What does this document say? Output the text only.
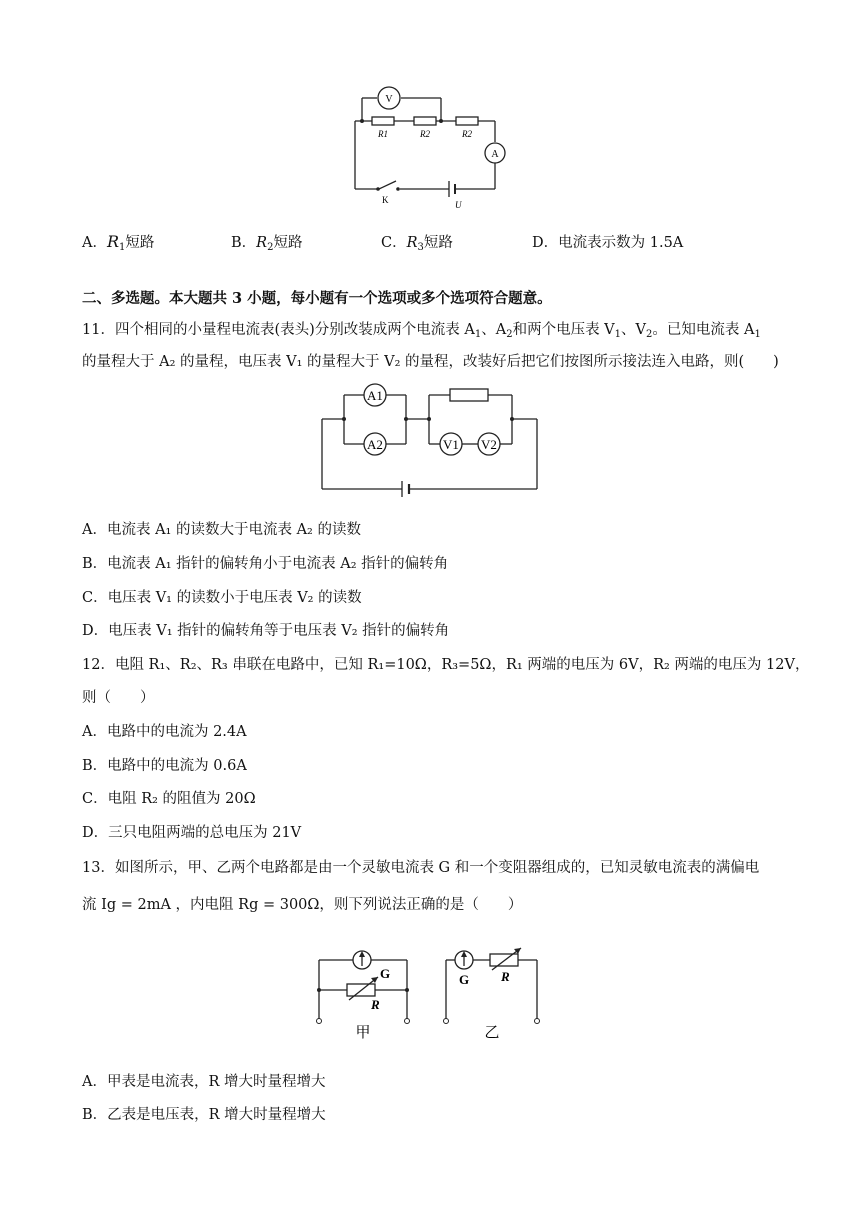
V
A
R1	R2	R2
K	U
A．$R_1$短路	B．$R_2$短路	C．$R_3$短路	D．电流表示数为 1.5A
二、多选题。本大题共 3 小题，每小题有一个选项或多个选项符合题意。
11．四个相同的小量程电流表(表头)分别改装成两个电流表 $A_1$、$A_2$和两个电压表 $V_1$、$V_2$。已知电流表 $A_1$
的量程大于 A₂ 的量程，电压表 V₁ 的量程大于 V₂ 的量程，改装好后把它们按图所示接法连入电路，则(　　)
A1
A2	V1 V2
A．电流表 A₁ 的读数大于电流表 A₂ 的读数
B．电流表 A₁ 指针的偏转角小于电流表 A₂ 指针的偏转角
C．电压表 V₁ 的读数小于电压表 V₂ 的读数
D．电压表 V₁ 指针的偏转角等于电压表 V₂ 指针的偏转角
12．电阻 R₁、R₂、R₃ 串联在电路中，已知 R₁=10Ω，R₃=5Ω，R₁ 两端的电压为 6V，R₂ 两端的电压为 12V，
则（　　）
A．电路中的电流为 2.4A
B．电路中的电流为 0.6A
C．电阻 R₂ 的阻值为 20Ω
D．三只电阻两端的总电压为 21V
13．如图所示，甲、乙两个电路都是由一个灵敏电流表 G 和一个变阻器组成的，已知灵敏电流表的满偏电
流 Ig = 2mA ，内电阻 Rg = 300Ω，则下列说法正确的是（　　）
G
R
甲
G R
乙
A．甲表是电流表，R 增大时量程增大
B．乙表是电压表，R 增大时量程增大
